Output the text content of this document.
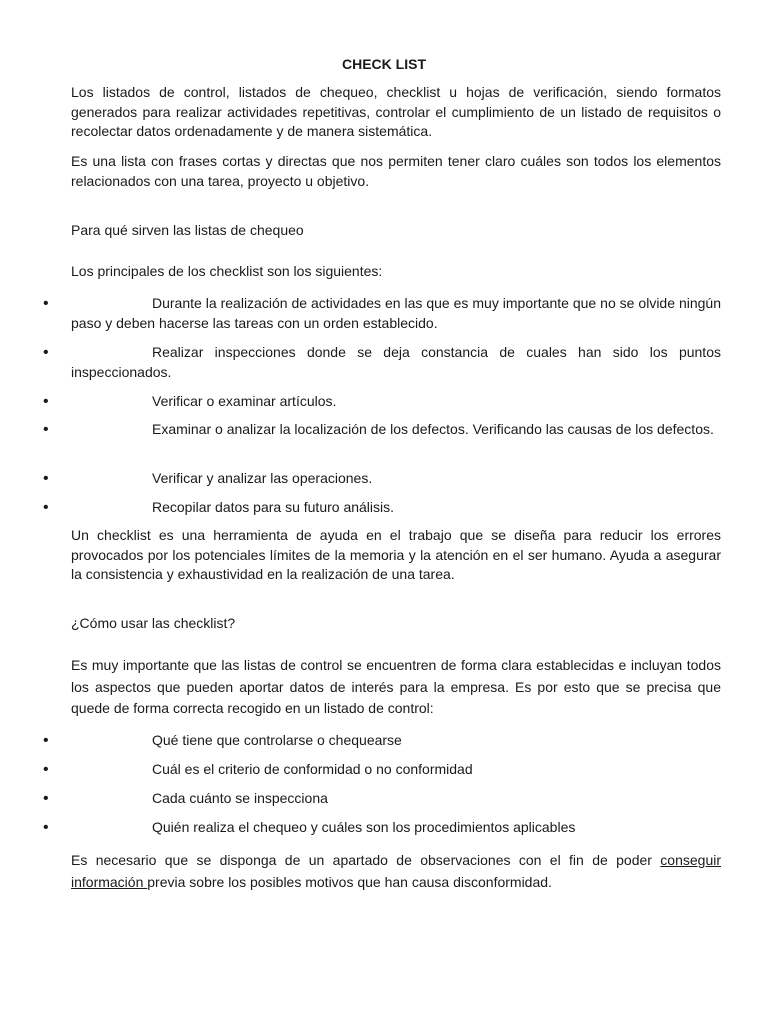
CHECK LIST

Los listados de control, listados de chequeo, checklist u hojas de verificación, siendo formatos generados para realizar actividades repetitivas, controlar el cumplimiento de un listado de requisitos o recolectar datos ordenadamente y de manera sistemática.

Es una lista con frases cortas y directas que nos permiten tener claro cuáles son todos los elementos relacionados con una tarea, proyecto u objetivo.

Para qué sirven las listas de chequeo

Los principales de los checklist son los siguientes:

•	Durante la realización de actividades en las que es muy importante que no se olvide ningún paso y deben hacerse las tareas con un orden establecido.
•	Realizar inspecciones donde se deja constancia de cuales han sido los puntos inspeccionados.
•	Verificar o examinar artículos.
•	Examinar o analizar la localización de los defectos. Verificando las causas de los defectos.
•	Verificar y analizar las operaciones.
•	Recopilar datos para su futuro análisis.

Un checklist es una herramienta de ayuda en el trabajo que se diseña para reducir los errores provocados por los potenciales límites de la memoria y la atención en el ser humano. Ayuda a asegurar la consistencia y exhaustividad en la realización de una tarea.

¿Cómo usar las checklist?

Es muy importante que las listas de control se encuentren de forma clara establecidas e incluyan todos los aspectos que pueden aportar datos de interés para la empresa. Es por esto que se precisa que quede de forma correcta recogido en un listado de control:

•	Qué tiene que controlarse o chequearse
•	Cuál es el criterio de conformidad o no conformidad
•	Cada cuánto se inspecciona
•	Quién realiza el chequeo y cuáles son los procedimientos aplicables

Es necesario que se disponga de un apartado de observaciones con el fin de poder conseguir información previa sobre los posibles motivos que han causa disconformidad.
